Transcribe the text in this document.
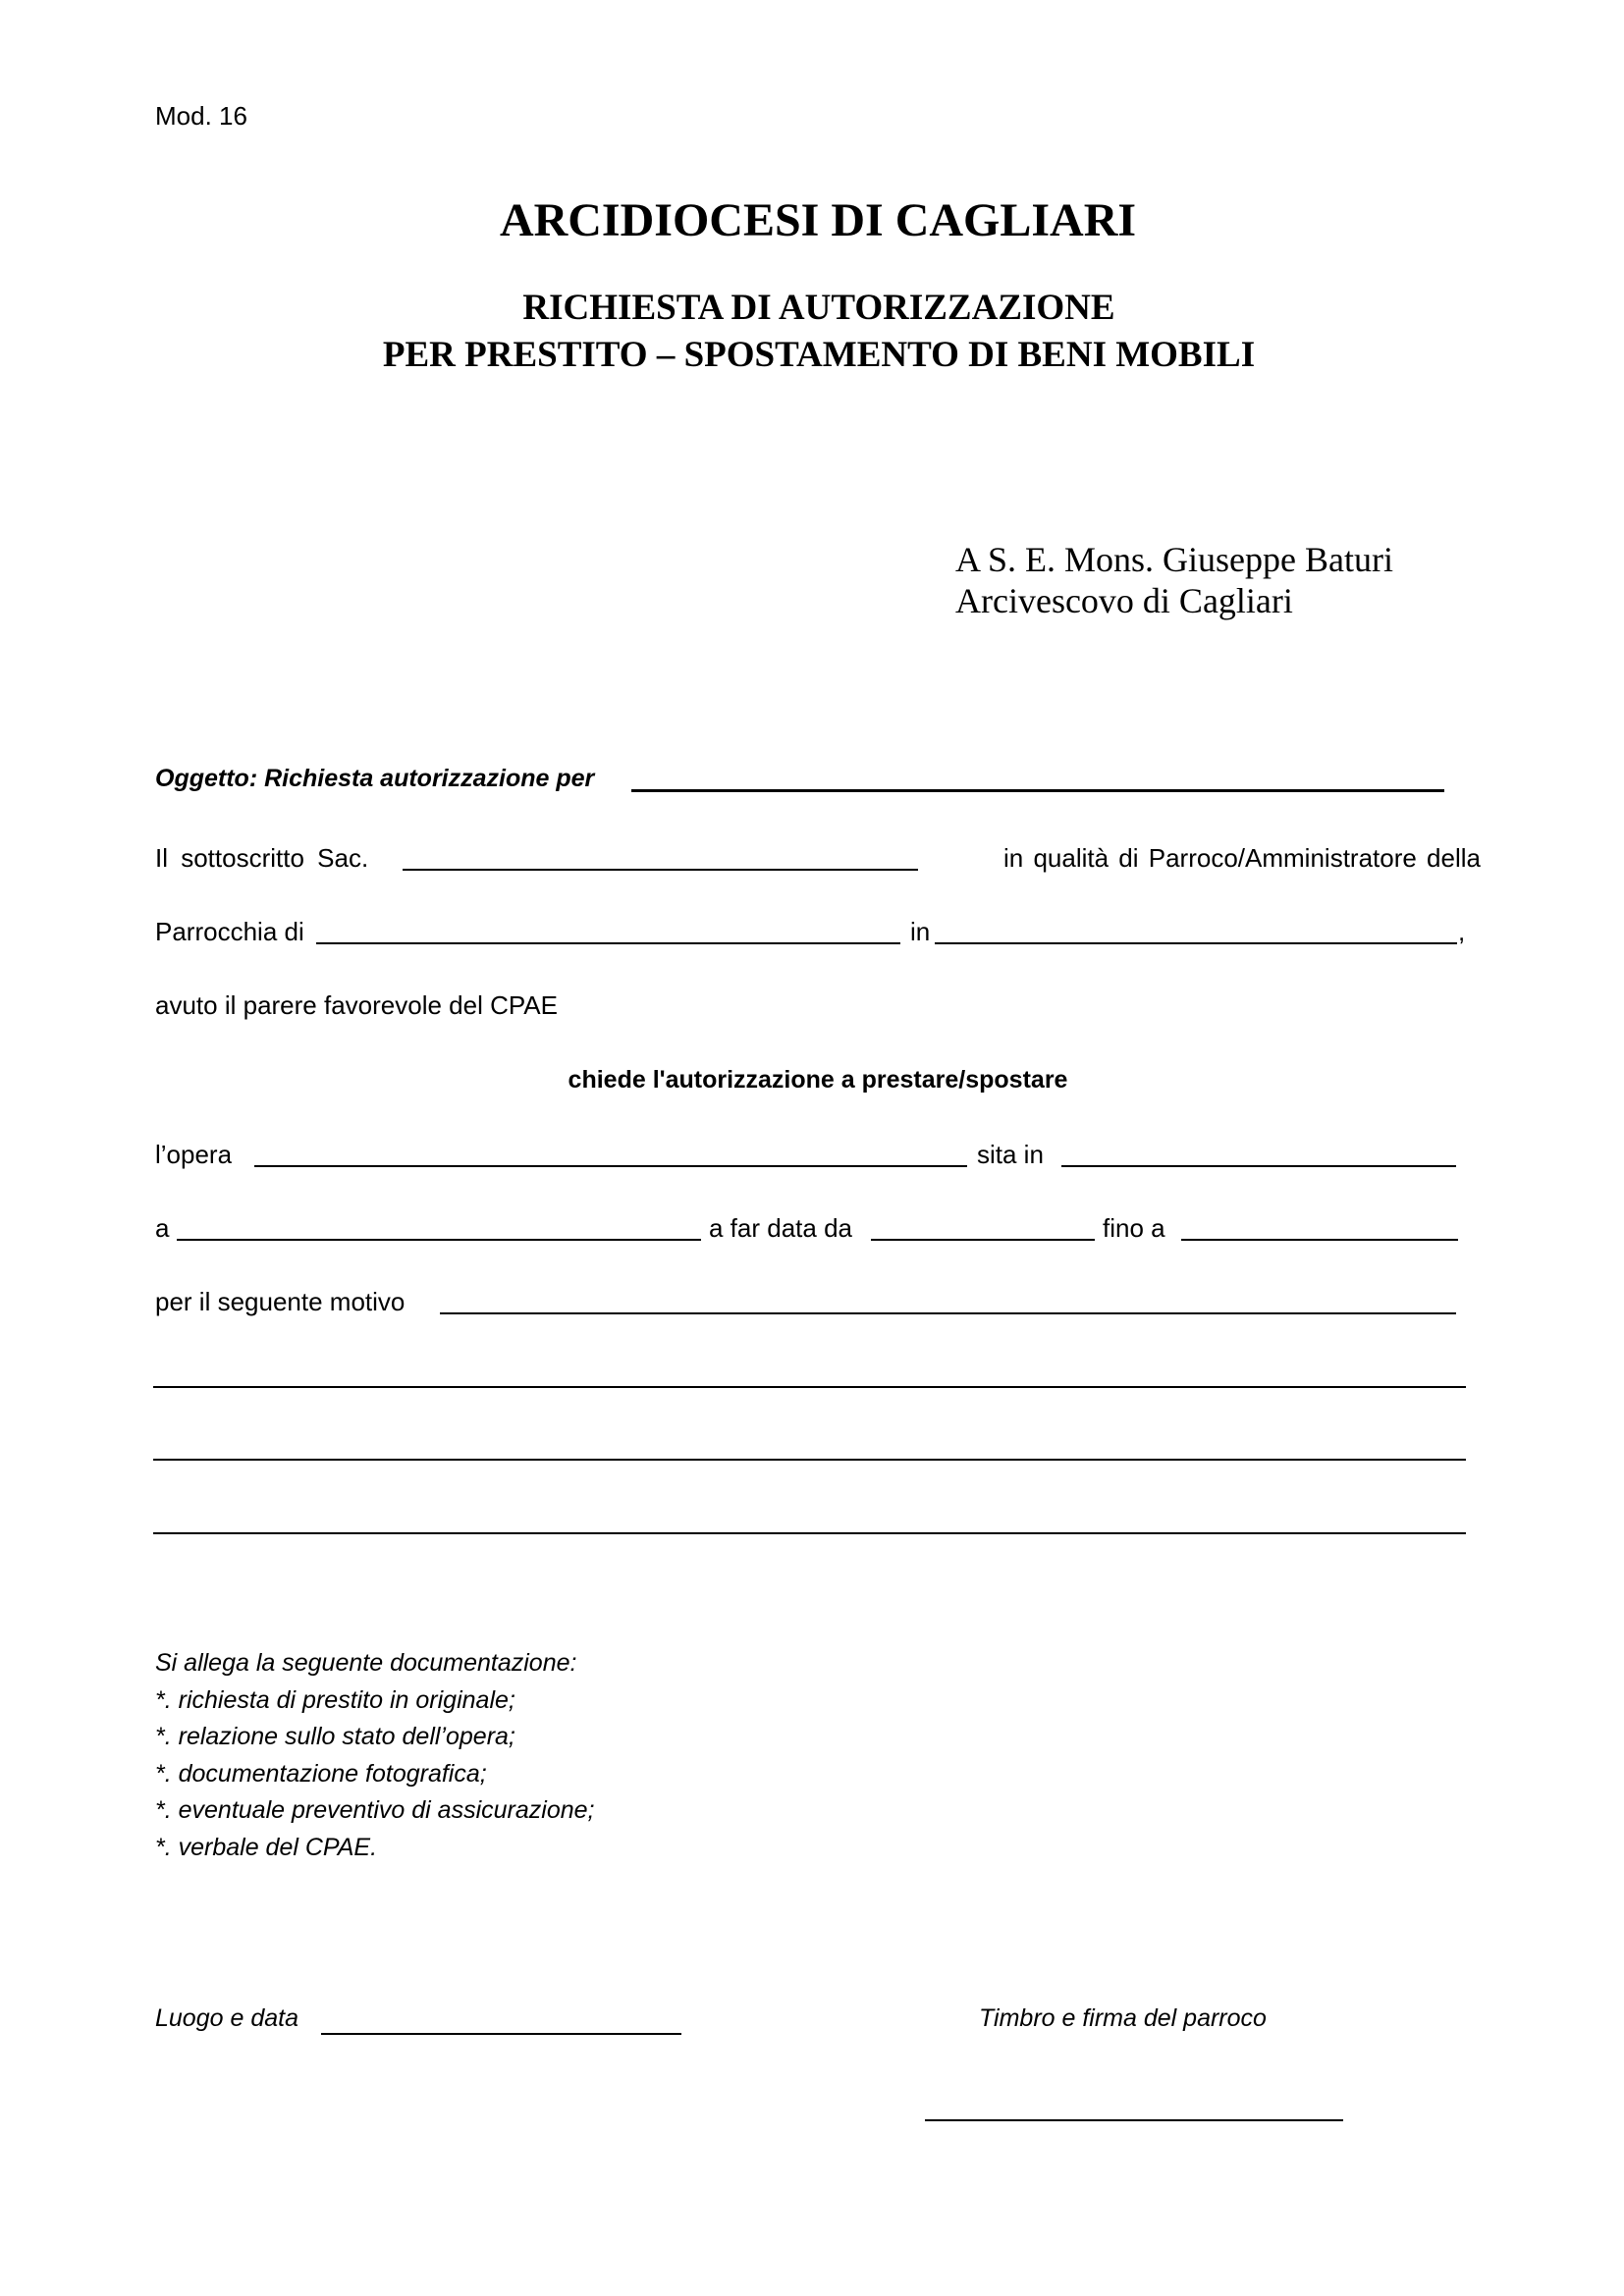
Mod. 16
ARCIDIOCESI DI CAGLIARI
RICHIESTA DI AUTORIZZAZIONE
PER PRESTITO – SPOSTAMENTO DI BENI MOBILI
A S. E. Mons. Giuseppe Baturi
Arcivescovo di Cagliari
Oggetto: Richiesta autorizzazione per
Il sottoscritto Sac.	in qualità di Parroco/Amministratore della
Parrocchia di	in	,
avuto il parere favorevole del CPAE
chiede l'autorizzazione a prestare/spostare
l’opera	sita in
a	a far data da	fino a
per il seguente motivo
Si allega la seguente documentazione:
*. richiesta di prestito in originale;
*. relazione sullo stato dell’opera;
*. documentazione fotografica;
*. eventuale preventivo di assicurazione;
*. verbale del CPAE.
Luogo e data	Timbro e firma del parroco
